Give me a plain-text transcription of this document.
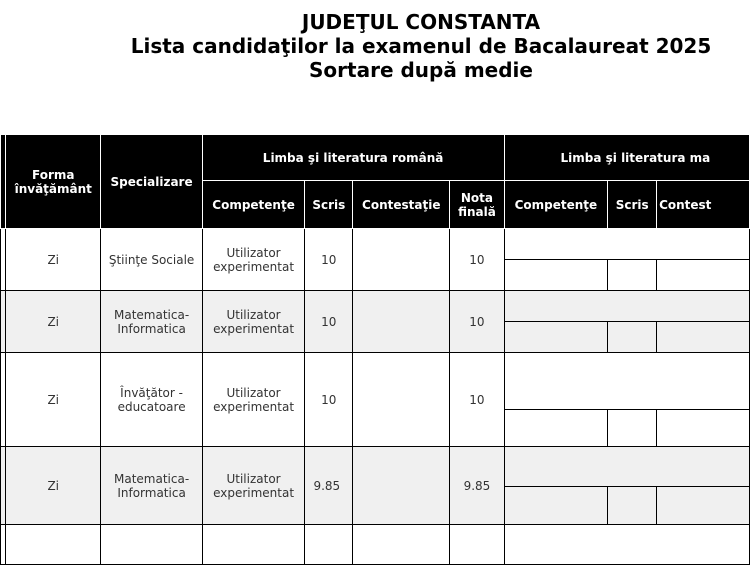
JUDEŢUL CONSTANTA
Lista candidaţilor la examenul de Bacalaureat 2025
Sortare după medie
	Forma învăţământ	Specializare	Limba şi literatura română				Limba şi literatura ma		
			Competenţe	Scris	Contestaţie	Nota finală	Competenţe	Scris	Contest
	Zi	Ştiinţe Sociale	Utilizator experimentat	10		10			

	Zi	Matematica-Informatica	Utilizator experimentat	10		10			

	Zi	Învăţător - educatoare	Utilizator experimentat	10		10			

	Zi	Matematica-Informatica	Utilizator experimentat	9.85		9.85			
